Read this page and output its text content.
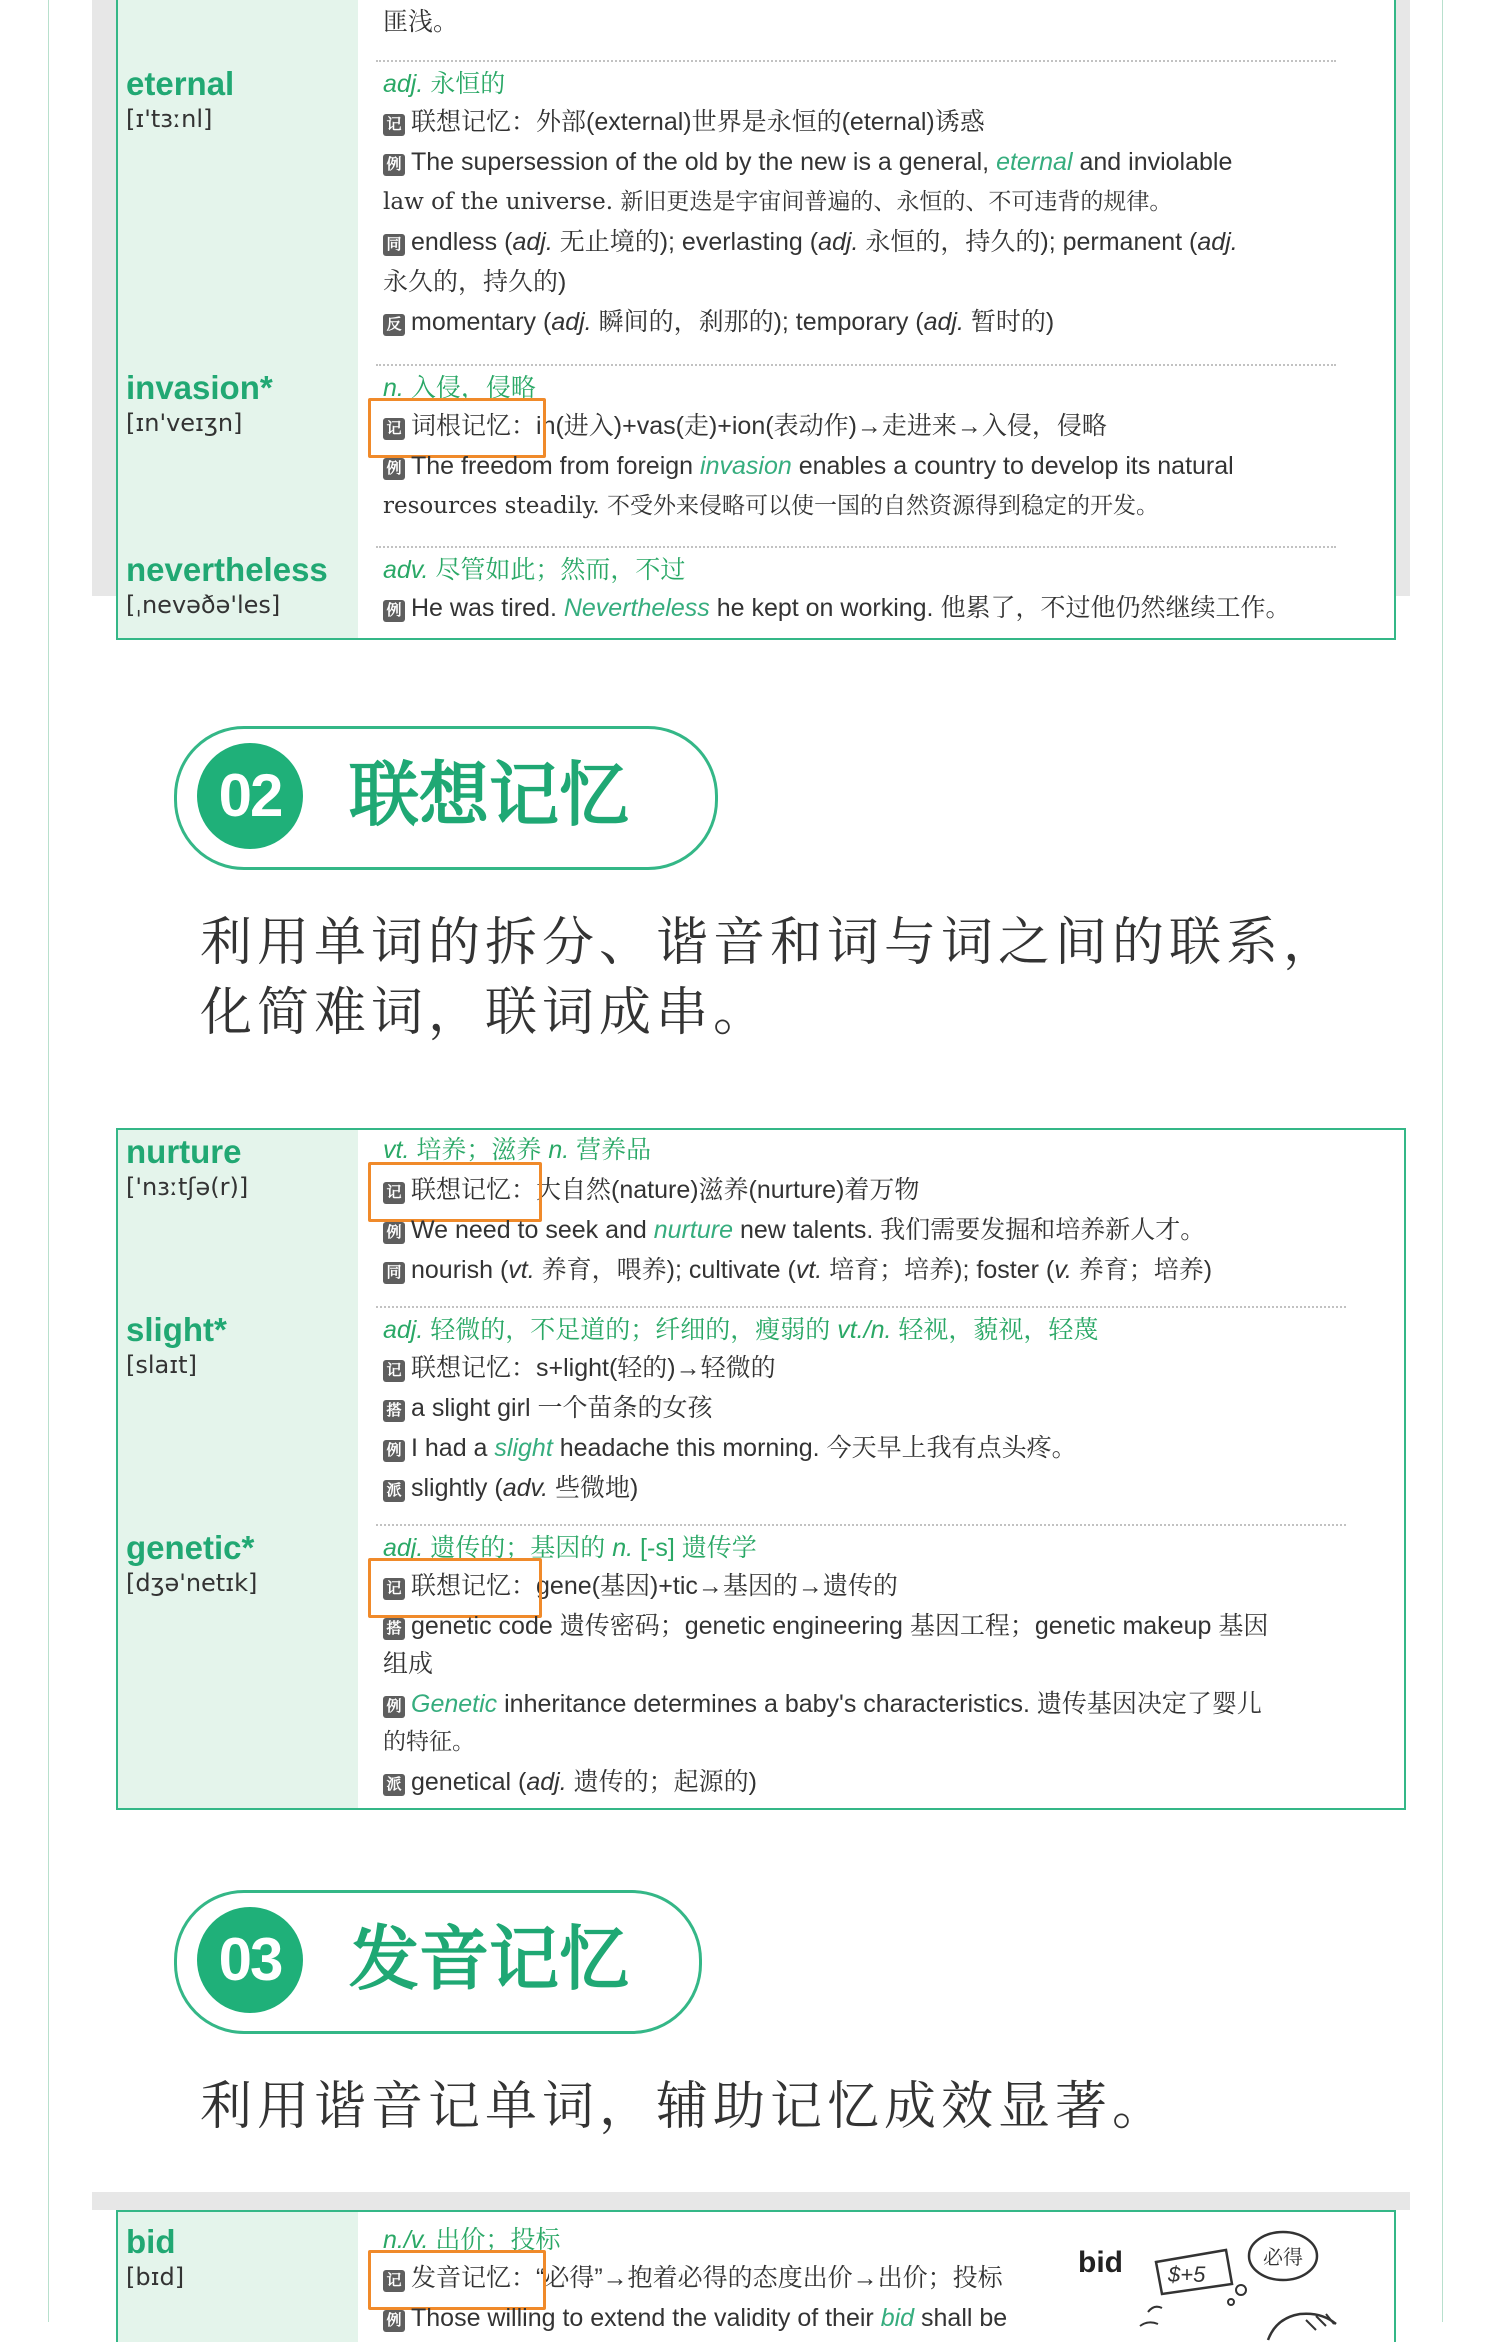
匪浅。
eternal
[ɪ'tɜːnl]
adj. 永恒的
记 联想记忆：外部(external)世界是永恒的(eternal)诱惑
例 The supersession of the old by the new is a general, eternal and inviolable
law of the universe. 新旧更迭是宇宙间普遍的、永恒的、不可违背的规律。
同 endless (adj. 无止境的); everlasting (adj. 永恒的，持久的); permanent (adj.
永久的，持久的)
反 momentary (adj. 瞬间的，刹那的); temporary (adj. 暂时的)
invasion*
[ɪn'veɪʒn]
n. 入侵，侵略
记 词根记忆：in(进入)+vas(走)+ion(表动作)→走进来→入侵，侵略
例 The freedom from foreign invasion enables a country to develop its natural
resources steadily. 不受外来侵略可以使一国的自然资源得到稳定的开发。
nevertheless
[ˌnevəðə'les]
adv. 尽管如此；然而，不过
例 He was tired. Nevertheless he kept on working. 他累了，不过他仍然继续工作。
02 联想记忆
利用单词的拆分、谐音和词与词之间的联系，
化简难词，联词成串。
nurture
['nɜːtʃə(r)]
vt. 培养；滋养 n. 营养品
记 联想记忆：大自然(nature)滋养(nurture)着万物
例 We need to seek and nurture new talents. 我们需要发掘和培养新人才。
同 nourish (vt. 养育，喂养); cultivate (vt. 培育；培养); foster (v. 养育；培养)
slight*
[slaɪt]
adj. 轻微的，不足道的；纤细的，瘦弱的 vt./n. 轻视，藐视，轻蔑
记 联想记忆：s+light(轻的)→轻微的
搭 a slight girl 一个苗条的女孩
例 I had a slight headache this morning. 今天早上我有点头疼。
派 slightly (adv. 些微地)
genetic*
[dʒə'netɪk]
adj. 遗传的；基因的 n. [-s] 遗传学
记 联想记忆：gene(基因)+tic→基因的→遗传的
搭 genetic code 遗传密码；genetic engineering 基因工程；genetic makeup 基因
组成
例 Genetic inheritance determines a baby's characteristics. 遗传基因决定了婴儿
的特征。
派 genetical (adj. 遗传的；起源的)
03 发音记忆
利用谐音记单词，辅助记忆成效显著。
bid
[bɪd]
n./v. 出价；投标
记 发音记忆：“必得”→抱着必得的态度出价→出价；投标
例 Those willing to extend the validity of their bid shall be
bid $+5
必得
